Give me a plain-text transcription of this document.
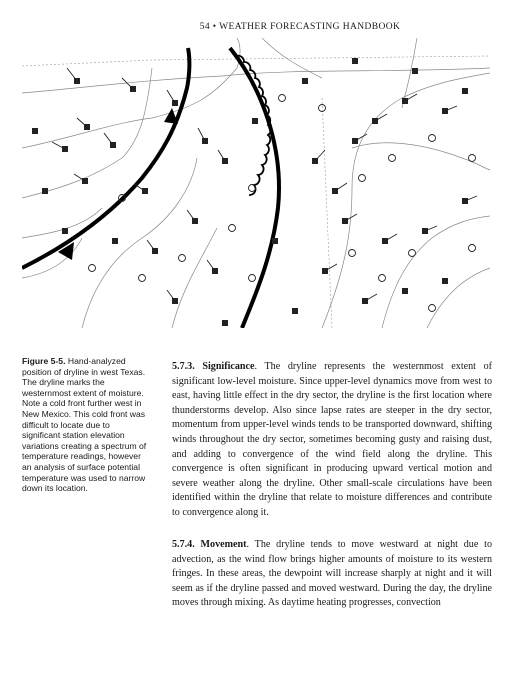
54 • WEATHER FORECASTING HANDBOOK
Figure 5-5. Hand-analyzed position of dryline in west Texas. The dryline marks the westernmost extent of moisture. Note a cold front further west in New Mexico. This cold front was difficult to locate due to significant station elevation variations creating a spectrum of temperature readings, however an analysis of surface potential temperature was used to narrow down its location.
5.7.3. Significance. The dryline represents the westernmost extent of significant low-level moisture. Since upper-level dynamics move from west to east, having little effect in the dry sector, the dryline is the first location where thunderstorms develop. Also since lapse rates are steeper in the dry sector, momentum from upper-level winds tends to be transported downward, shifting winds throughout the dry sector, sometimes becoming gusty and raising dust, and adding to convergence of the wind field along the dryline. This convergence is often significant in producing upward vertical motion and severe weather along the dryline. Other small-scale circulations have been identified within the dryline that relate to moisture differences and contribute to convergence along it.
5.7.4. Movement. The dryline tends to move westward at night due to advection, as the wind flow brings higher amounts of moisture to its western fringes. In these areas, the dewpoint will increase sharply at night and it will seem as if the dryline passed and moved westward. During the day, the dryline moves through mixing. As daytime heating progresses, convection
